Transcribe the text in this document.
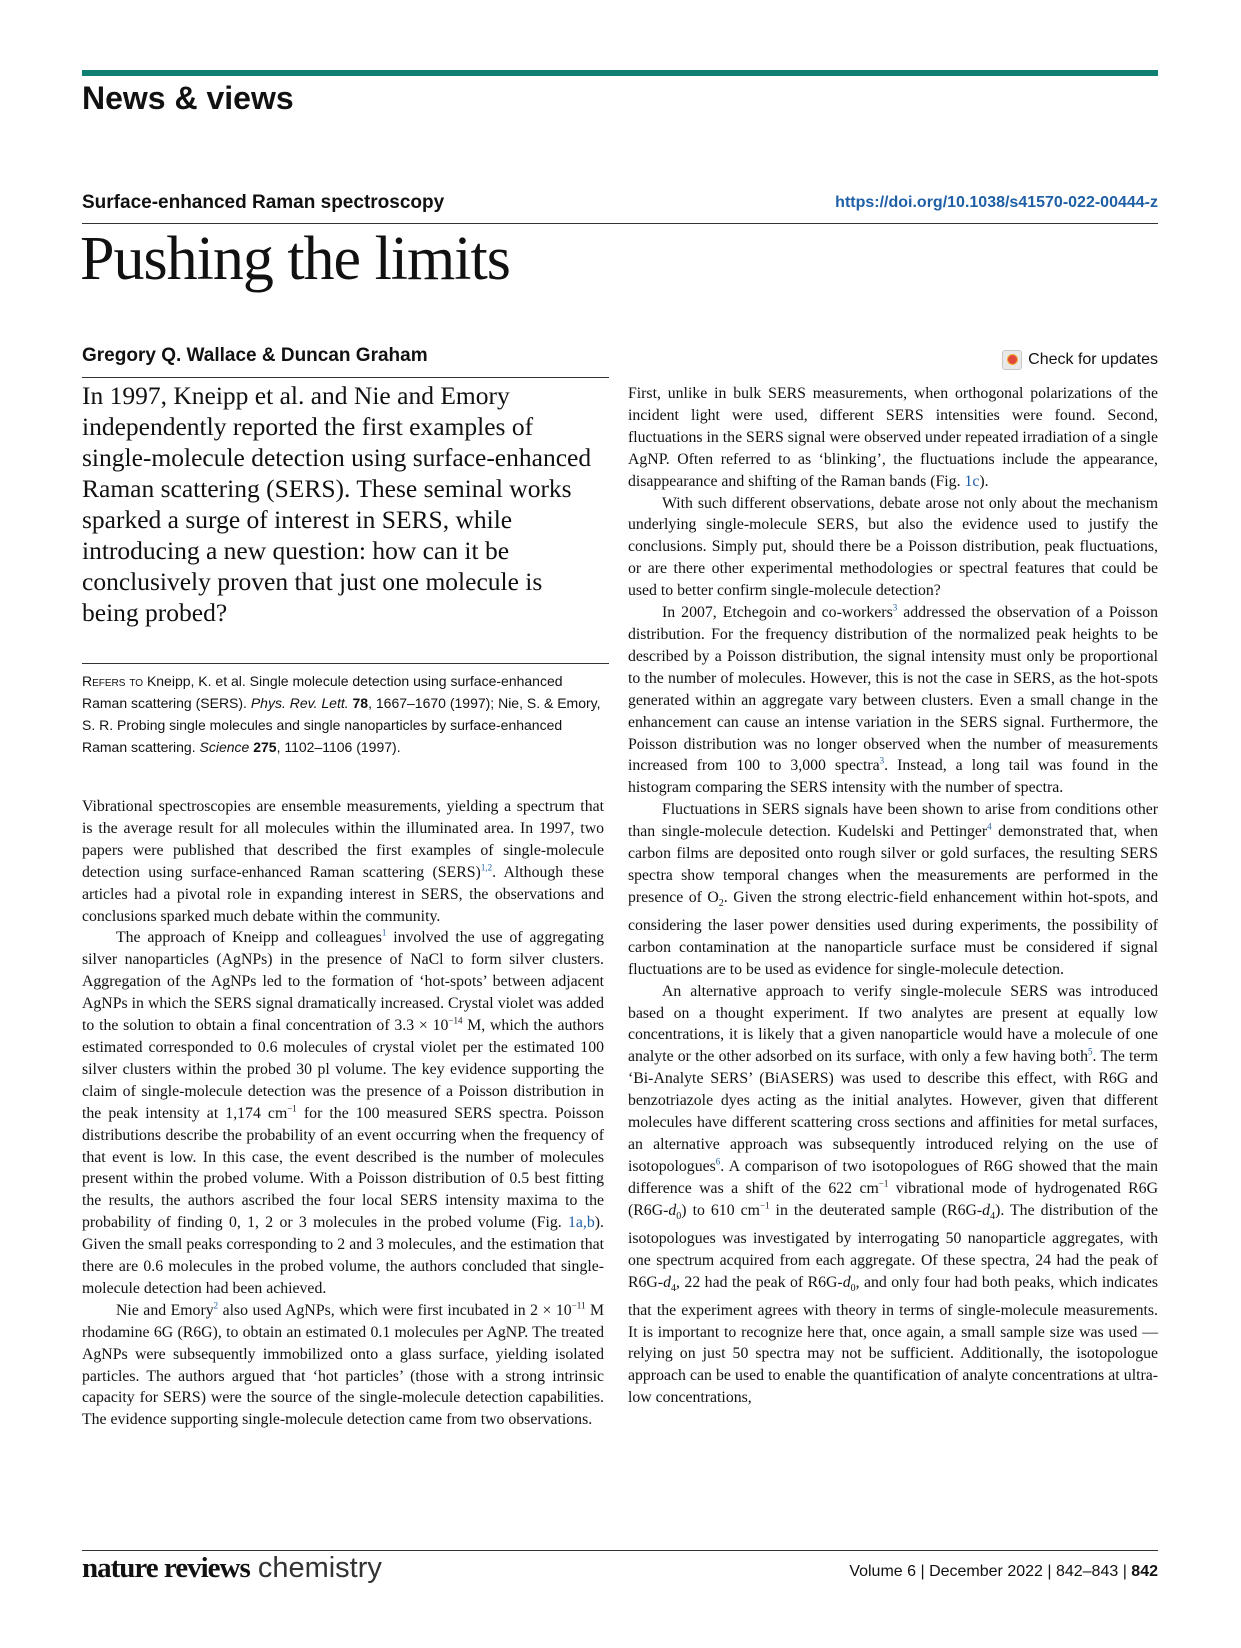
News & views
Surface-enhanced Raman spectroscopy	https://doi.org/10.1038/s41570-022-00444-z
Pushing the limits
Gregory Q. Wallace & Duncan Graham	Check for updates
In 1997, Kneipp et al. and Nie and Emory independently reported the first examples of single-molecule detection using surface-enhanced Raman scattering (SERS). These seminal works sparked a surge of interest in SERS, while introducing a new question: how can it be conclusively proven that just one molecule is being probed?
Refers to Kneipp, K. et al. Single molecule detection using surface-enhanced Raman scattering (SERS). Phys. Rev. Lett. 78, 1667–1670 (1997); Nie, S. & Emory, S. R. Probing single molecules and single nanoparticles by surface-enhanced Raman scattering. Science 275, 1102–1106 (1997).

Vibrational spectroscopies are ensemble measurements, yielding a spectrum that is the average result for all molecules within the illuminated area. In 1997, two papers were published that described the first examples of single-molecule detection using surface-enhanced Raman scattering (SERS)$^{1,2}$. Although these articles had a pivotal role in expanding interest in SERS, the observations and conclusions sparked much debate within the community.

The approach of Kneipp and colleagues$^1$ involved the use of aggregating silver nanoparticles (AgNPs) in the presence of NaCl to form silver clusters. Aggregation of the AgNPs led to the formation of ‘hot-spots’ between adjacent AgNPs in which the SERS signal dramatically increased. Crystal violet was added to the solution to obtain a final concentration of $3.3 \times 10^{-14}$ M, which the authors estimated corresponded to 0.6 molecules of crystal violet per the estimated 100 silver clusters within the probed 30 pl volume. The key evidence supporting the claim of single-molecule detection was the presence of a Poisson distribution in the peak intensity at 1,174 $cm^{-1}$ for the 100 measured SERS spectra. Poisson distributions describe the probability of an event occurring when the frequency of that event is low. In this case, the event described is the number of molecules present within the probed volume. With a Poisson distribution of 0.5 best fitting the results, the authors ascribed the four local SERS intensity maxima to the probability of finding 0, 1, 2 or 3 molecules in the probed volume (Fig. 1a,b). Given the small peaks corresponding to 2 and 3 molecules, and the estimation that there are 0.6 molecules in the probed volume, the authors concluded that single-molecule detection had been achieved.

Nie and Emory$^2$ also used AgNPs, which were first incubated in $2 \times 10^{-11}$ M rhodamine 6G (R6G), to obtain an estimated 0.1 molecules per AgNP. The treated AgNPs were subsequently immobilized onto a glass surface, yielding isolated particles. The authors argued that ‘hot particles’ (those with a strong intrinsic capacity for SERS) were the source of the single-molecule detection capabilities. The evidence supporting single-molecule detection came from two observations.

First, unlike in bulk SERS measurements, when orthogonal polarizations of the incident light were used, different SERS intensities were found. Second, fluctuations in the SERS signal were observed under repeated irradiation of a single AgNP. Often referred to as ‘blinking’, the fluctuations include the appearance, disappearance and shifting of the Raman bands (Fig. 1c).

With such different observations, debate arose not only about the mechanism underlying single-molecule SERS, but also the evidence used to justify the conclusions. Simply put, should there be a Poisson distribution, peak fluctuations, or are there other experimental methodologies or spectral features that could be used to better confirm single-molecule detection?

In 2007, Etchegoin and co-workers$^3$ addressed the observation of a Poisson distribution. For the frequency distribution of the normalized peak heights to be described by a Poisson distribution, the signal intensity must only be proportional to the number of molecules. However, this is not the case in SERS, as the hot-spots generated within an aggregate vary between clusters. Even a small change in the enhancement can cause an intense variation in the SERS signal. Furthermore, the Poisson distribution was no longer observed when the number of measurements increased from 100 to 3,000 spectra$^3$. Instead, a long tail was found in the histogram comparing the SERS intensity with the number of spectra.

Fluctuations in SERS signals have been shown to arise from conditions other than single-molecule detection. Kudelski and Pettinger$^4$ demonstrated that, when carbon films are deposited onto rough silver or gold surfaces, the resulting SERS spectra show temporal changes when the measurements are performed in the presence of $O_2$. Given the strong electric-field enhancement within hot-spots, and considering the laser power densities used during experiments, the possibility of carbon contamination at the nanoparticle surface must be considered if signal fluctuations are to be used as evidence for single-molecule detection.

An alternative approach to verify single-molecule SERS was introduced based on a thought experiment. If two analytes are present at equally low concentrations, it is likely that a given nanoparticle would have a molecule of one analyte or the other adsorbed on its surface, with only a few having both$^5$. The term ‘Bi-Analyte SERS’ (BiASERS) was used to describe this effect, with R6G and benzotriazole dyes acting as the initial analytes. However, given that different molecules have different scattering cross sections and affinities for metal surfaces, an alternative approach was subsequently introduced relying on the use of isotopologues$^6$. A comparison of two isotopologues of R6G showed that the main difference was a shift of the 622 $cm^{-1}$ vibrational mode of hydrogenated R6G $(R6G-d_0)$ to 610 $cm^{-1}$ in the deuterated sample $(R6G-d_4)$. The distribution of the isotopologues was investigated by interrogating 50 nanoparticle aggregates, with one spectrum acquired from each aggregate. Of these spectra, 24 had the peak of $R6G-d_4$, 22 had the peak of $R6G-d_0$, and only four had both peaks, which indicates that the experiment agrees with theory in terms of single-molecule measurements. It is important to recognize here that, once again, a small sample size was used — relying on just 50 spectra may not be sufficient. Additionally, the isotopologue approach can be used to enable the quantification of analyte concentrations at ultra-low concentrations,

nature reviews chemistry	Volume 6 | December 2022 | 842–843 | 842
